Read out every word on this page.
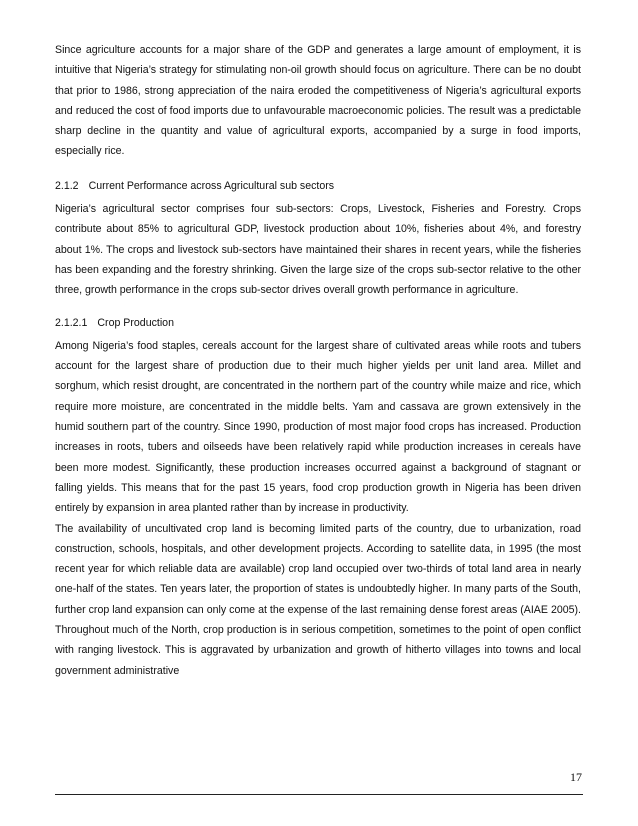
Since agriculture accounts for a major share of the GDP and generates a large amount of employment, it is intuitive that Nigeria’s strategy for stimulating non-oil growth should focus on agriculture. There can be no doubt that prior to 1986, strong appreciation of the naira eroded the competitiveness of Nigeria’s agricultural exports and reduced the cost of food imports due to unfavourable macroeconomic policies. The result was a predictable sharp decline in the quantity and value of agricultural exports, accompanied by a surge in food imports, especially rice.

2.1.2 Current Performance across Agricultural sub sectors

Nigeria’s agricultural sector comprises four sub-sectors: Crops, Livestock, Fisheries and Forestry. Crops contribute about 85% to agricultural GDP, livestock production about 10%, fisheries about 4%, and forestry about 1%. The crops and livestock sub-sectors have maintained their shares in recent years, while the fisheries has been expanding and the forestry shrinking. Given the large size of the crops sub-sector relative to the other three, growth performance in the crops sub-sector drives overall growth performance in agriculture.

2.1.2.1 Crop Production

Among Nigeria’s food staples, cereals account for the largest share of cultivated areas while roots and tubers account for the largest share of production due to their much higher yields per unit land area. Millet and sorghum, which resist drought, are concentrated in the northern part of the country while maize and rice, which require more moisture, are concentrated in the middle belts. Yam and cassava are grown extensively in the humid southern part of the country. Since 1990, production of most major food crops has increased. Production increases in roots, tubers and oilseeds have been relatively rapid while production increases in cereals have been more modest. Significantly, these production increases occurred against a background of stagnant or falling yields. This means that for the past 15 years, food crop production growth in Nigeria has been driven entirely by expansion in area planted rather than by increase in productivity.

The availability of uncultivated crop land is becoming limited parts of the country, due to urbanization, road construction, schools, hospitals, and other development projects. According to satellite data, in 1995 (the most recent year for which reliable data are available) crop land occupied over two-thirds of total land area in nearly one-half of the states. Ten years later, the proportion of states is undoubtedly higher. In many parts of the South, further crop land expansion can only come at the expense of the last remaining dense forest areas (AIAE 2005). Throughout much of the North, crop production is in serious competition, sometimes to the point of open conflict with ranging livestock. This is aggravated by urbanization and growth of hitherto villages into towns and local government administrative

17
